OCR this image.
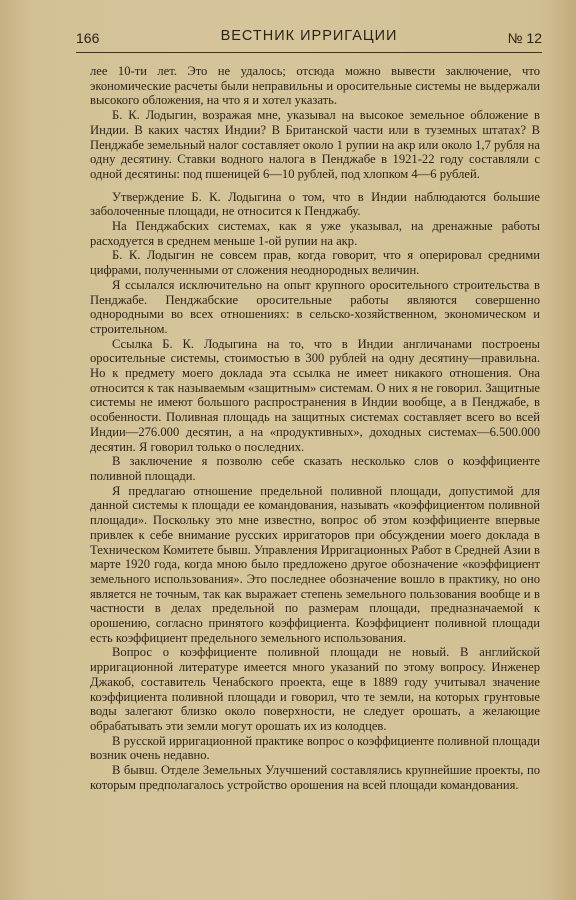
166	ВЕСТНИК ИРРИГАЦИИ	№ 12

лее 10-ти лет. Это не удалось; отсюда можно вывести заключение, что экономические расчеты были неправильны и оросительные системы не выдержали высокого обложения, на что я и хотел указать.

Б. К. Лодыгин, возражая мне, указывал на высокое земельное обложение в Индии. В каких частях Индии? В Британской части или в туземных штатах? В Пенджабе земельный налог составляет около 1 рупии на акр или около 1,7 рубля на одну десятину. Ставки водного налога в Пенджабе в 1921-22 году составляли с одной десятины: под пшеницей 6—10 рублей, под хлопком 4—6 рублей.

Утверждение Б. К. Лодыгина о том, что в Индии наблюдаются большие заболоченные площади, не относится к Пенджабу.

На Пенджабских системах, как я уже указывал, на дренажные работы расходуется в среднем меньше 1-ой рупии на акр.

Б. К. Лодыгин не совсем прав, когда говорит, что я оперировал средними цифрами, полученными от сложения неоднородных величин.

Я ссылался исключительно на опыт крупного оросительного строительства в Пенджабе. Пенджабские оросительные работы являются совершенно однородными во всех отношениях: в сельско-хозяйственном, экономическом и строительном.

Ссылка Б. К. Лодыгина на то, что в Индии англичанами построены оросительные системы, стоимостью в 300 рублей на одну десятину—правильна. Но к предмету моего доклада эта ссылка не имеет никакого отношения. Она относится к так называемым «защитным» системам. О них я не говорил. Защитные системы не имеют большого распространения в Индии вообще, а в Пенджабе, в особенности. Поливная площадь на защитных системах составляет всего во всей Индии—276.000 десятин, а на «продуктивных», доходных системах—6.500.000 десятин. Я говорил только о последних.

В заключение я позволю себе сказать несколько слов о коэффициенте поливной площади.

Я предлагаю отношение предельной поливной площади, допустимой для данной системы к площади ее командования, называть «коэффициентом поливной площади». Поскольку это мне известно, вопрос об этом коэффициенте впервые привлек к себе внимание русских ирригаторов при обсуждении моего доклада в Техническом Комитете бывш. Управления Ирригационных Работ в Средней Азии в марте 1920 года, когда мною было предложено другое обозначение «коэффициент земельного использования». Это последнее обозначение вошло в практику, но оно является не точным, так как выражает степень земельного пользования вообще и в частности в делах предельной по размерам площади, предназначаемой к орошению, согласно принятого коэффициента. Коэффициент поливной площади есть коэффициент предельного земельного использования.

Вопрос о коэффициенте поливной площади не новый. В английской ирригационной литературе имеется много указаний по этому вопросу. Инженер Джакоб, составитель Ченабского проекта, еще в 1889 году учитывал значение коэффициента поливной площади и говорил, что те земли, на которых грунтовые воды залегают близко около поверхности, не следует орошать, а желающие обрабатывать эти земли могут орошать их из колодцев.

В русской ирригационной практике вопрос о коэффициенте поливной площади возник очень недавно.

В бывш. Отделе Земельных Улучшений составлялись крупнейшие проекты, по которым предполагалось устройство орошения на всей площади командования.
